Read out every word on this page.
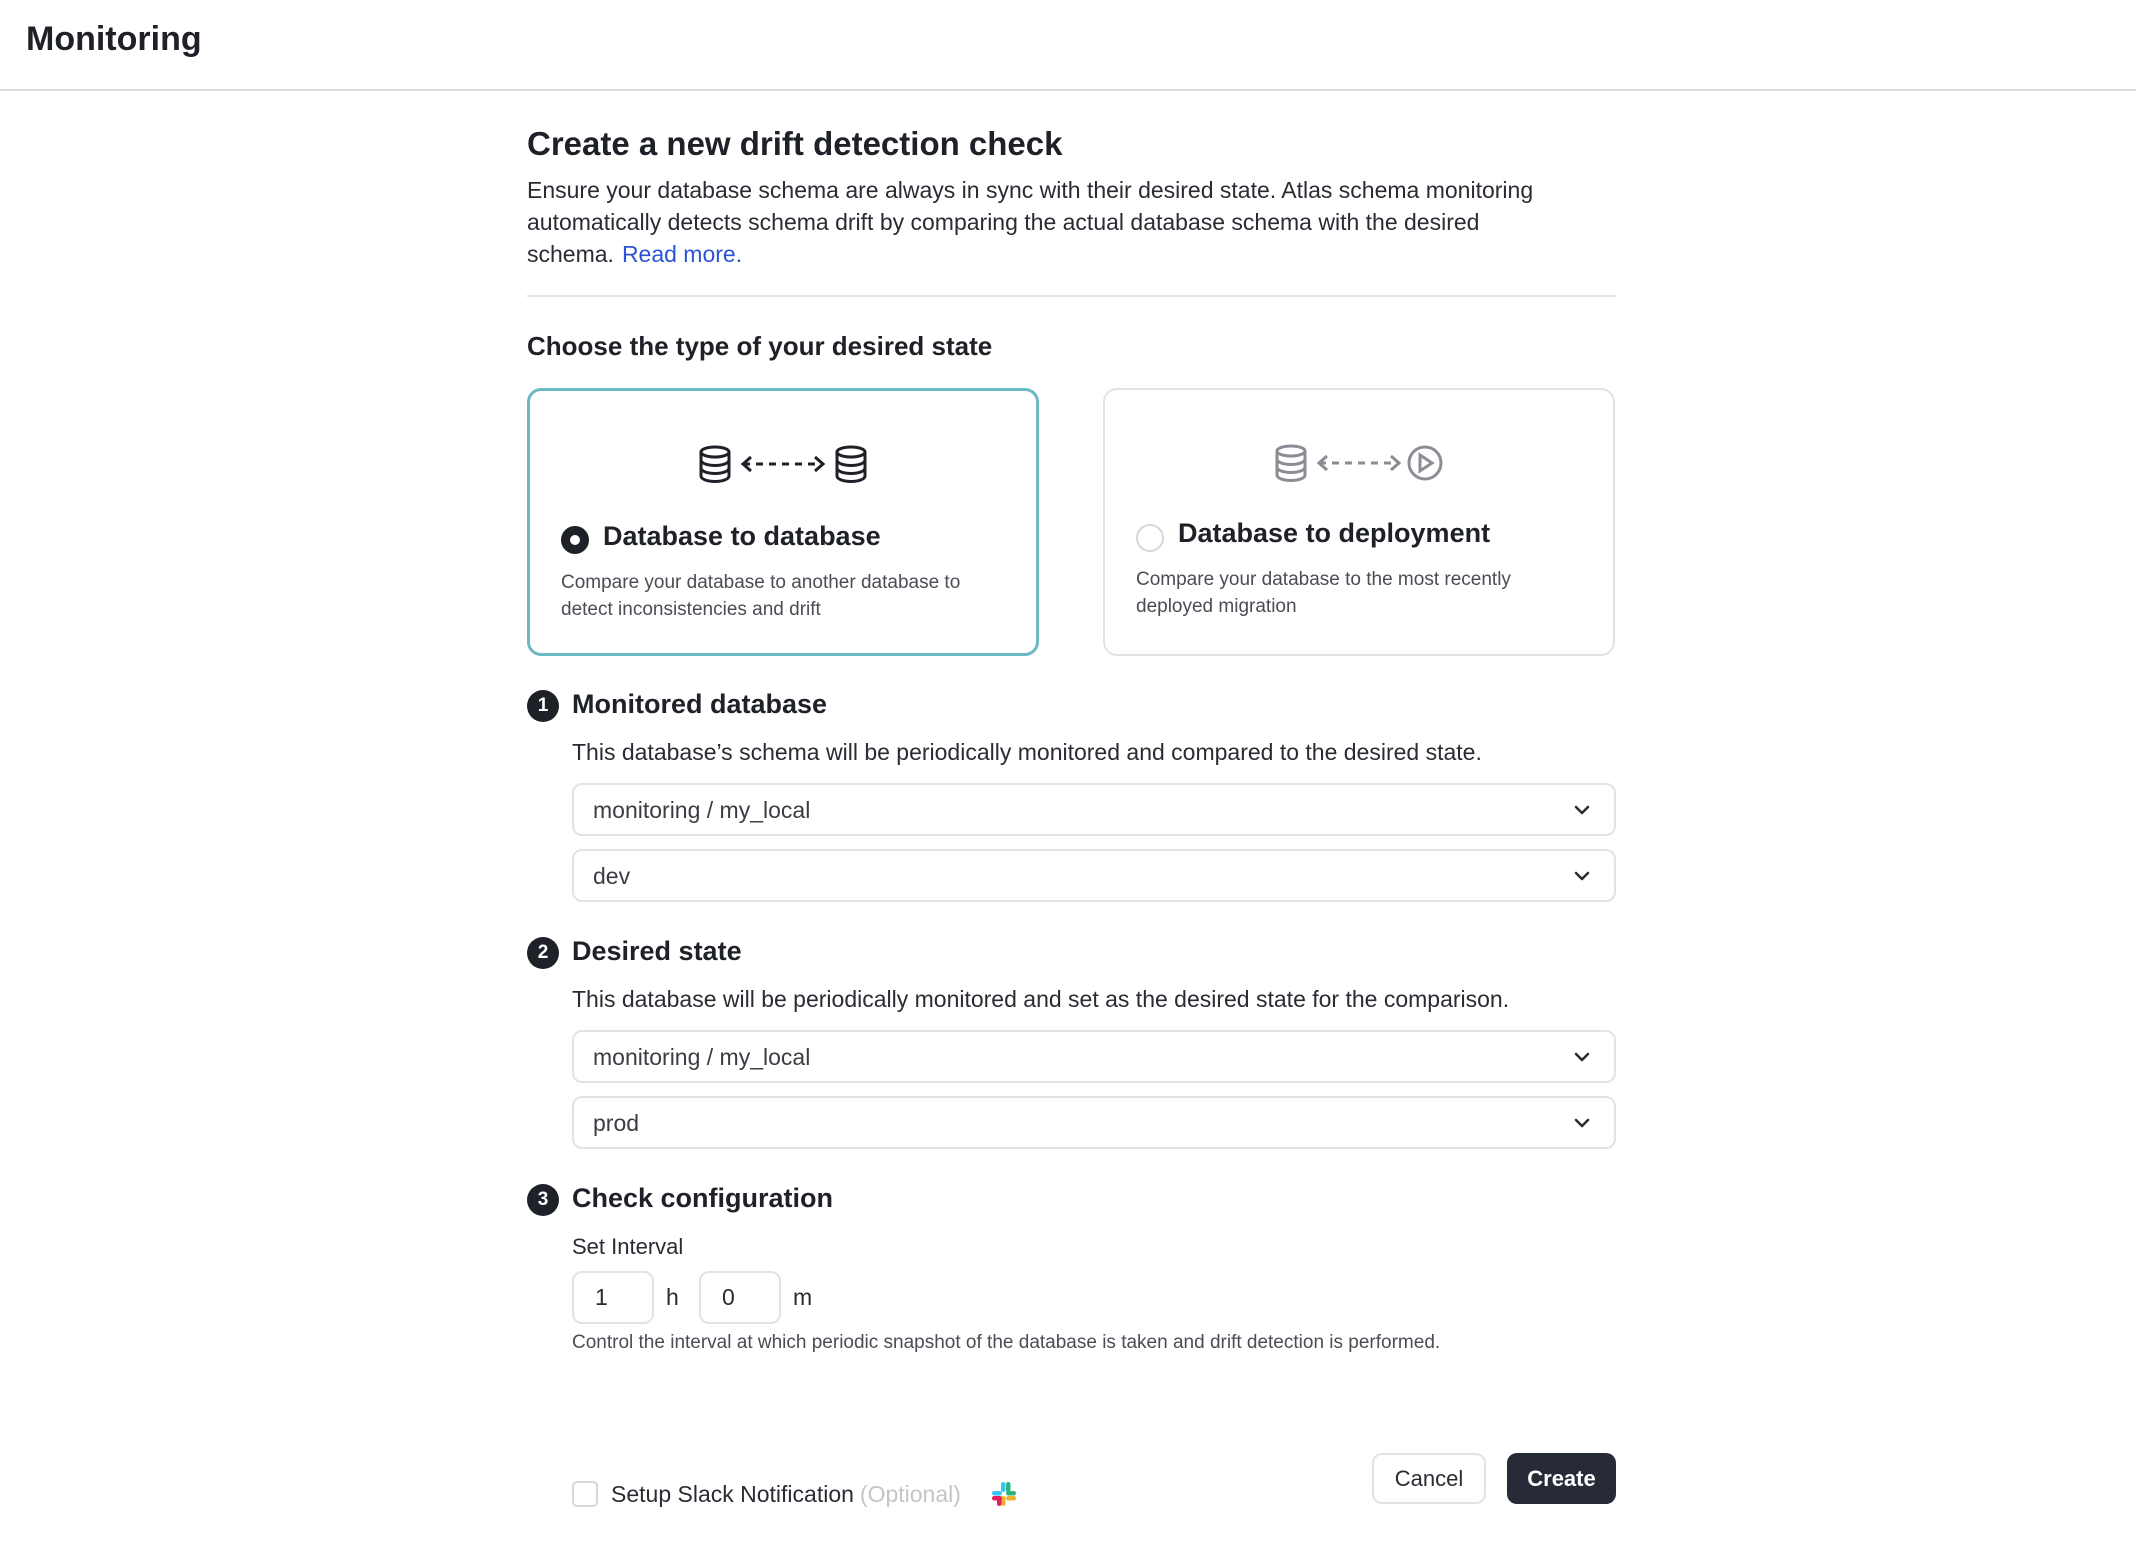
Monitoring
Create a new drift detection check
Ensure your database schema are always in sync with their desired state. Atlas schema monitoring automatically detects schema drift by comparing the actual database schema with the desired schema. Read more.
Choose the type of your desired state
Database to database
Compare your database to another database to detect inconsistencies and drift
Database to deployment
Compare your database to the most recently deployed migration
1 Monitored database
This database’s schema will be periodically monitored and compared to the desired state.
monitoring / my_local
dev
2 Desired state
This database will be periodically monitored and set as the desired state for the comparison.
monitoring / my_local
prod
3 Check configuration
Set Interval
1
h
0	m
Control the interval at which periodic snapshot of the database is taken and drift detection is performed.
Setup Slack Notification (Optional)
Cancel	Create
